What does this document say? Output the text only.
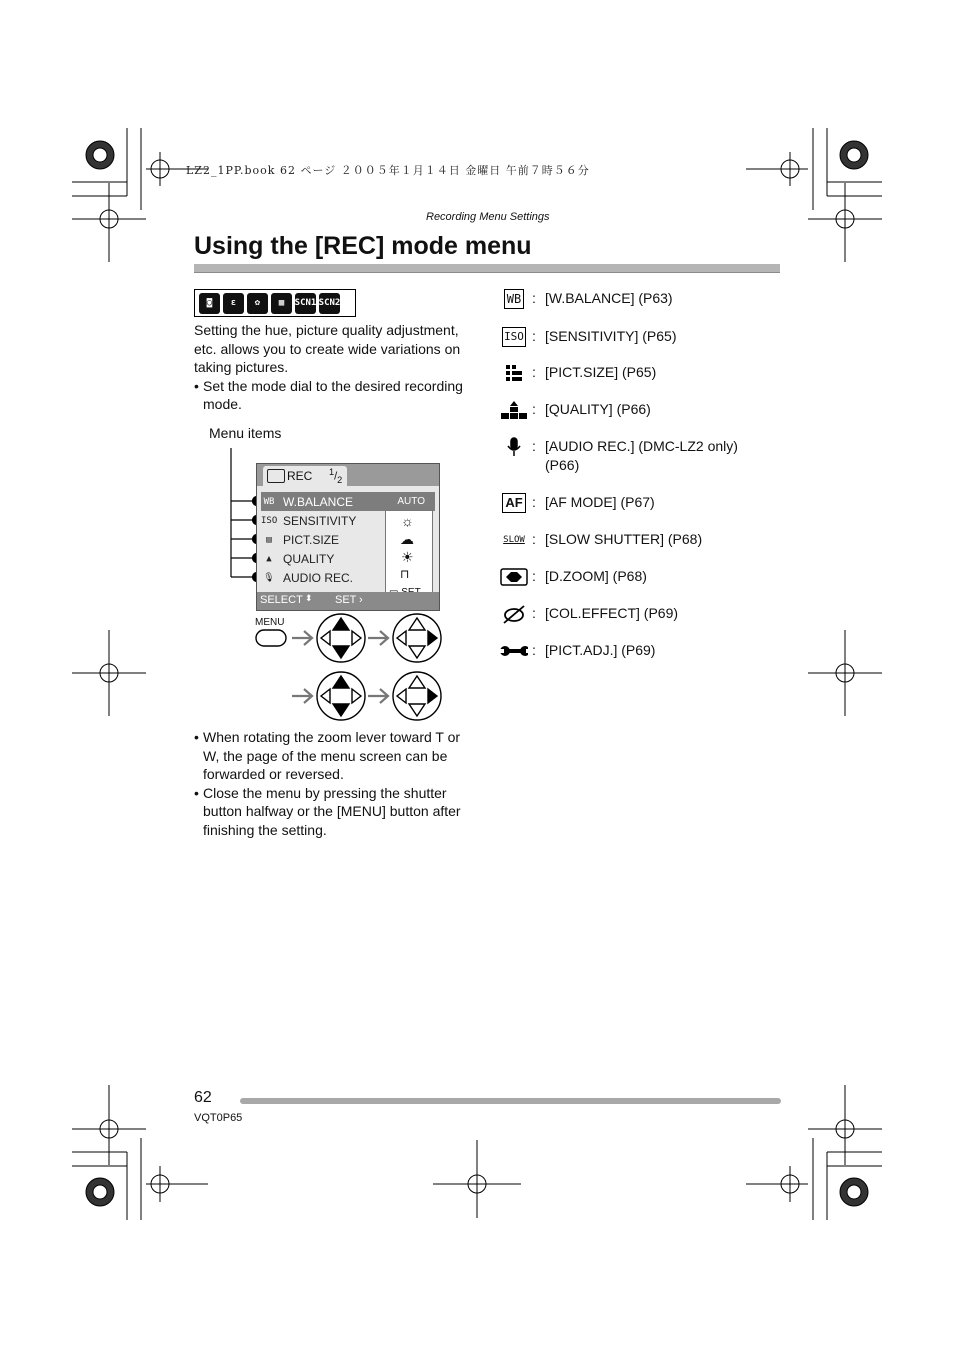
LZ2_1PP.book 62 ページ ２００５年１月１４日 金曜日 午前７時５６分
Recording Menu Settings
Using the [REC] mode menu
◙	ε	✿	▦	SCN1 SCN2
Setting the hue, picture quality adjustment, etc. allows you to create wide variations on taking pictures.
• Set the mode dial to the desired recording mode.
Menu items
REC $^1/_2$
WB W.BALANCE	AUTO
ISO SENSITIVITY
▤ PICT.SIZE
▲ QUALITY
🎙 AUDIO REC.
☼
☁
☀
⊓
SELECT ⬍ SET ›
MENU
• When rotating the zoom lever toward T or W, the page of the menu screen can be forwarded or reversed.
• Close the menu by pressing the shutter button halfway or the [MENU] button after finishing the setting.
WB : [W.BALANCE] (P63)
ISO : [SENSITIVITY] (P65)
: [PICT.SIZE] (P65)
: [QUALITY] (P66)
: [AUDIO REC.] (DMC-LZ2 only) (P66)
AF : [AF MODE] (P67)
SLOW : [SLOW SHUTTER] (P68)
: [D.ZOOM] (P68)
: [COL.EFFECT] (P69)
: [PICT.ADJ.] (P69)
62
VQT0P65
